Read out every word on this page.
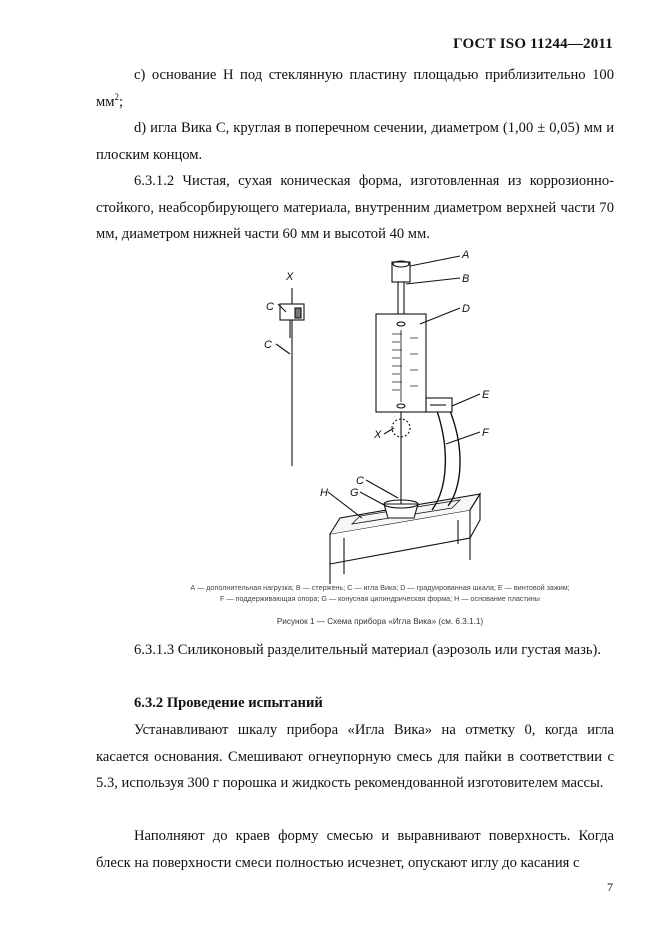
ГОСТ ISO 11244—2011
c) основание Н под стеклянную пластину площадью приблизительно 100 $мм^2$;
d) игла Вика С, круглая в поперечном сечении, диаметром (1,00 ± 0,05) мм и плоским концом.
6.3.1.2 Чистая, сухая коническая форма, изготовленная из коррозионно-стойкого, неабсорбирующего материала, внутренним диаметром верхней части 70 мм, диаметром нижней части 60 мм и высотой 40 мм.
A
B
D
E
F
C
G
H
X
X
C
C
А — дополнительная нагрузка; В — стержень; С — игла Вика; D — градуированная шкала; Е — винтовой зажим;
F — поддерживающая опора; G — конусная цилиндрическая форма; Н — основание пластины
Рисунок 1 — Схема прибора «Игла Вика» (см. 6.3.1.1)
6.3.1.3 Силиконовый разделительный материал (аэрозоль или густая мазь).
6.3.2 Проведение испытаний
Устанавливают шкалу прибора «Игла Вика» на отметку 0, когда игла касается основания. Смешивают огнеупорную смесь для пайки в соответствии с 5.3, используя 300 г порошка и жидкость рекомендованной изготовителем массы.
Наполняют до краев форму смесью и выравнивают поверхность. Когда блеск на поверхности смеси полностью исчезнет, опускают иглу до касания с
7
